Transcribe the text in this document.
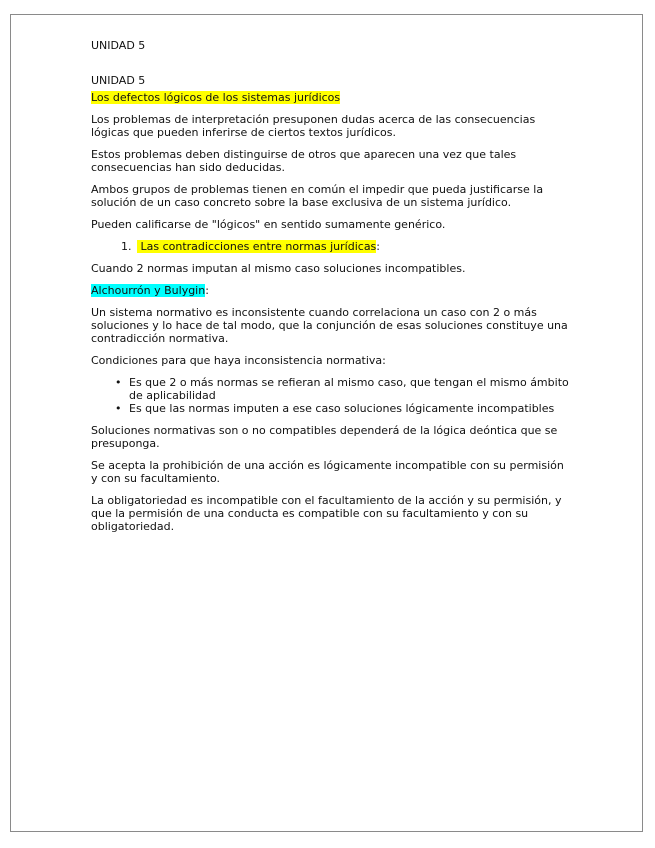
UNIDAD 5

UNIDAD 5

Los defectos lógicos de los sistemas jurídicos

Los problemas de interpretación presuponen dudas acerca de las consecuencias lógicas que pueden inferirse de ciertos textos jurídicos.

Estos problemas deben distinguirse de otros que aparecen una vez que tales consecuencias han sido deducidas.

Ambos grupos de problemas tienen en común el impedir que pueda justificarse la solución de un caso concreto sobre la base exclusiva de un sistema jurídico.

Pueden calificarse de "lógicos" en sentido sumamente genérico.

1. Las contradicciones entre normas jurídicas:

Cuando 2 normas imputan al mismo caso soluciones incompatibles.

Alchourrón y Bulygin:

Un sistema normativo es inconsistente cuando correlaciona un caso con 2 o más soluciones y lo hace de tal modo, que la conjunción de esas soluciones constituye una contradicción normativa.

Condiciones para que haya inconsistencia normativa:

• Es que 2 o más normas se refieran al mismo caso, que tengan el mismo ámbito de aplicabilidad
• Es que las normas imputen a ese caso soluciones lógicamente incompatibles

Soluciones normativas son o no compatibles dependerá de la lógica deóntica que se presuponga.

Se acepta la prohibición de una acción es lógicamente incompatible con su permisión y con su facultamiento.

La obligatoriedad es incompatible con el facultamiento de la acción y su permisión, y que la permisión de una conducta es compatible con su facultamiento y con su obligatoriedad.
